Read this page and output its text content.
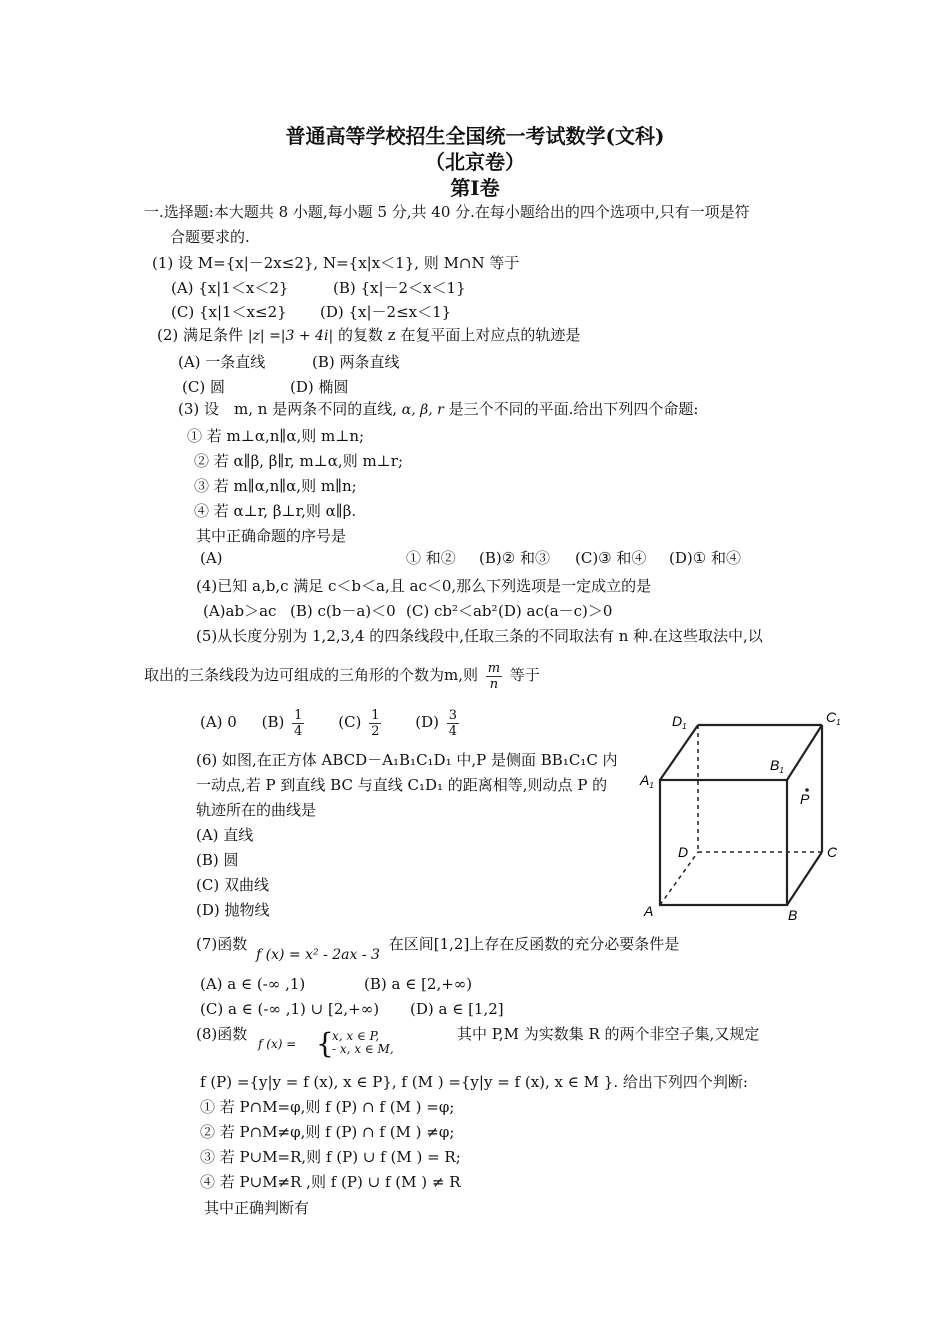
普通高等学校招生全国统一考试数学(文科)
（北京卷）
第Ⅰ卷
一.选择题:本大题共 8 小题,每小题 5 分,共 40 分.在每小题给出的四个选项中,只有一项是符
合题要求的.
(1) 设 M={x|－2x≤2}, N={x|x＜1}, 则 M∩N 等于
(A) {x|1＜x＜2}	(B) {x|－2＜x＜1}
(C) {x|1＜x≤2} (D) {x|－2≤x＜1}
(2) 满足条件 |z| =|3 + 4i| 的复数 z 在复平面上对应点的轨迹是
(A) 一条直线	(B) 两条直线
(C) 圆	(D) 椭圆
(3) 设　m, n 是两条不同的直线, α, β, r 是三个不同的平面.给出下列四个命题:
① 若 m⊥α,n∥α,则 m⊥n;
② 若 α∥β, β∥r, m⊥α,则 m⊥r;
③ 若 m∥α,n∥α,则 m∥n;
④ 若 α⊥r, β⊥r,则 α∥β.
其中正确命题的序号是
(A)	① 和② (B)② 和③ (C)③ 和④ (D)① 和④
(4)已知 a,b,c 满足 c＜b＜a,且 ac＜0,那么下列选项是一定成立的是
(A)ab＞ac (B) c(b－a)＜0 (C) cb²＜ab² (D) ac(a－c)＞0
(5)从长度分别为 1,2,3,4 的四条线段中,任取三条的不同取法有 n 种.在这些取法中,以
取出的三条线段为边可组成的三角形的个数为m,则 $\frac{m}{n}$ 等于
(A) 0 $(B) \frac{1}{4} (C) \frac{1}{2} (D) \frac{3}{4}$
(6) 如图,在正方体 ABCD－A₁B₁C₁D₁ 中,P 是侧面 BB₁C₁C 内
一动点,若 P 到直线 BC 与直线 C₁D₁ 的距离相等,则动点 P 的
轨迹所在的曲线是
(A) 直线
(B) 圆
(C) 双曲线
(D) 抛物线
$D_1$
$C_1$
$A_1$
$B_1$
P
D	C
A	B
(7)函数 f (x) = x² - 2ax - 3 在区间[1,2]上存在反函数的充分必要条件是
(A) a ∈ (-∞ ,1)	(B) a ∈ [2,+∞)
(C) a ∈ (-∞ ,1) ∪ [2,+∞) (D) a ∈ [1,2]
(8)函数
f (x) = {
x, x ∈ P,
- x, x ∈ M,
其中 P,M 为实数集 R 的两个非空子集,又规定
f (P) ={y|y = f (x), x ∈ P}, f (M ) ={y|y = f (x), x ∈ M }. 给出下列四个判断:
① 若 P∩M=φ,则 f (P) ∩ f (M ) =φ;
② 若 P∩M≠φ,则 f (P) ∩ f (M ) ≠φ;
③ 若 P∪M=R,则 f (P) ∪ f (M ) = R;
④ 若 P∪M≠R ,则 f (P) ∪ f (M ) ≠ R
其中正确判断有
